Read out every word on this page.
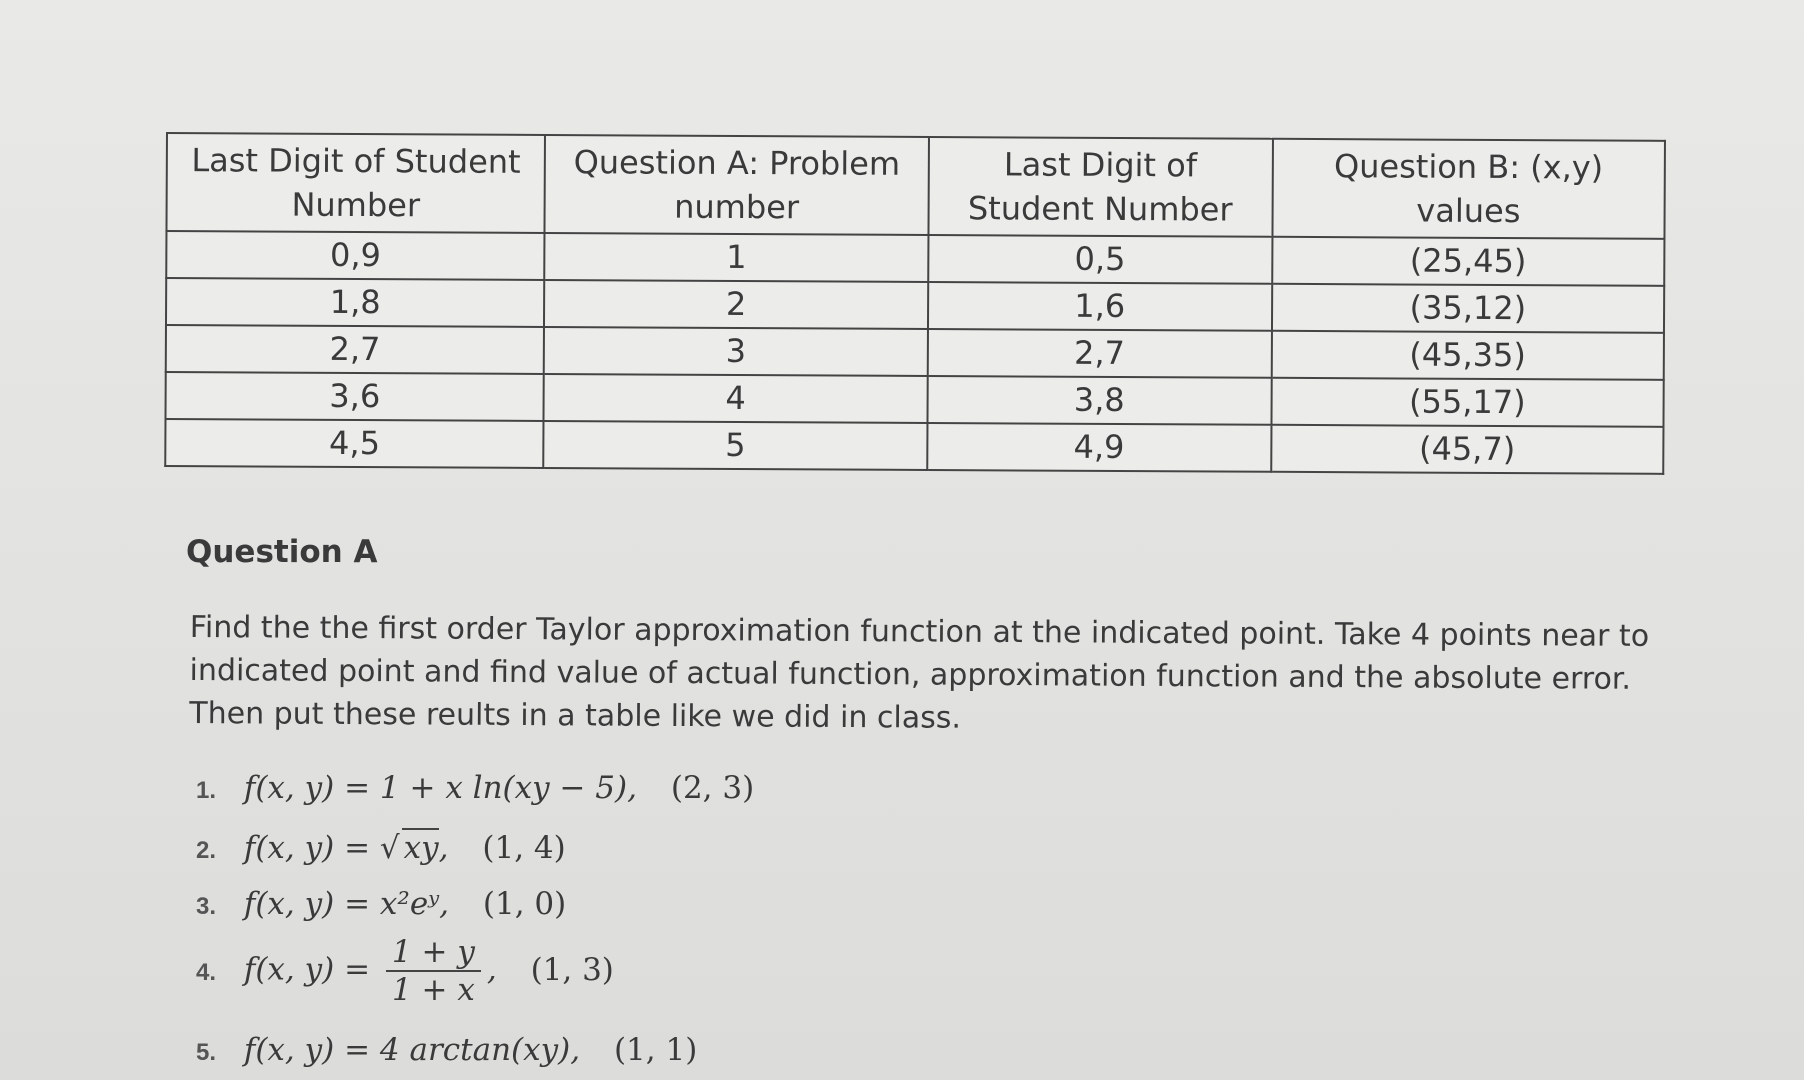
Last Digit of Student Number	Question A: Problem number	Last Digit of Student Number	Question B: (x,y) values
0,9	1	0,5	(25,45)
1,8	2	1,6	(35,12)
2,7	3	2,7	(45,35)
3,6	4	3,8	(55,17)
4,5	5	4,9	(45,7)
Question A
Find the the first order Taylor approximation function at the indicated point. Take 4 points near to indicated point and find value of actual function, approximation function and the absolute error. Then put these reults in a table like we did in class.
1. f(x, y) = 1 + x ln(xy − 5), (2, 3)
2. f(x, y) = √ xy, (1, 4)
3. f(x, y) = x²eʸ, (1, 0)
4. f(x, $y) = \frac{1 + y}{1 + x}$ , (1, 3)
5. f(x, y) = 4 arctan(xy), (1, 1)
